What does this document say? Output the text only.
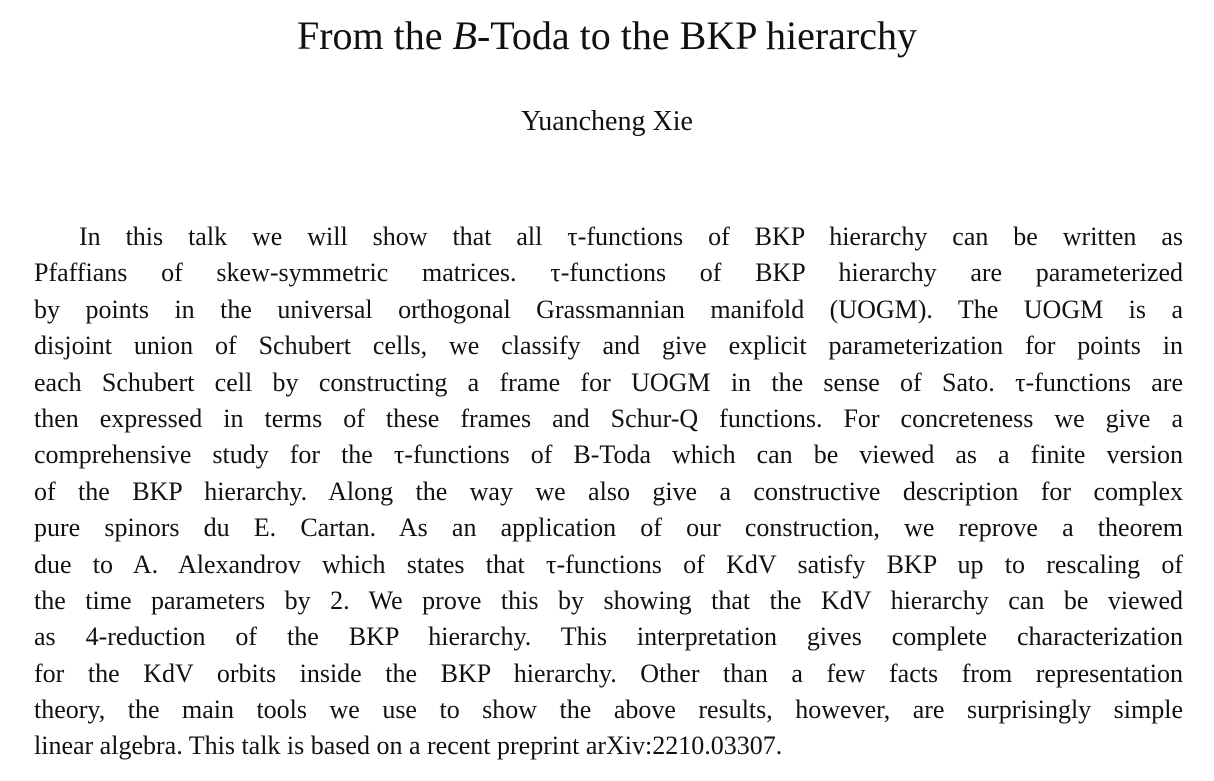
From the B-Toda to the BKP hierarchy
Yuancheng Xie
In this talk we will show that all τ-functions of BKP hierarchy can be written as
Pfaffians of skew-symmetric matrices. τ-functions of BKP hierarchy are parameterized
by points in the universal orthogonal Grassmannian manifold (UOGM). The UOGM is a
disjoint union of Schubert cells, we classify and give explicit parameterization for points in
each Schubert cell by constructing a frame for UOGM in the sense of Sato. τ-functions are
then expressed in terms of these frames and Schur-Q functions. For concreteness we give a
comprehensive study for the τ-functions of B-Toda which can be viewed as a finite version
of the BKP hierarchy. Along the way we also give a constructive description for complex
pure spinors du E. Cartan. As an application of our construction, we reprove a theorem
due to A. Alexandrov which states that τ-functions of KdV satisfy BKP up to rescaling of
the time parameters by 2. We prove this by showing that the KdV hierarchy can be viewed
as 4-reduction of the BKP hierarchy. This interpretation gives complete characterization
for the KdV orbits inside the BKP hierarchy. Other than a few facts from representation
theory, the main tools we use to show the above results, however, are surprisingly simple
linear algebra. This talk is based on a recent preprint arXiv:2210.03307.
